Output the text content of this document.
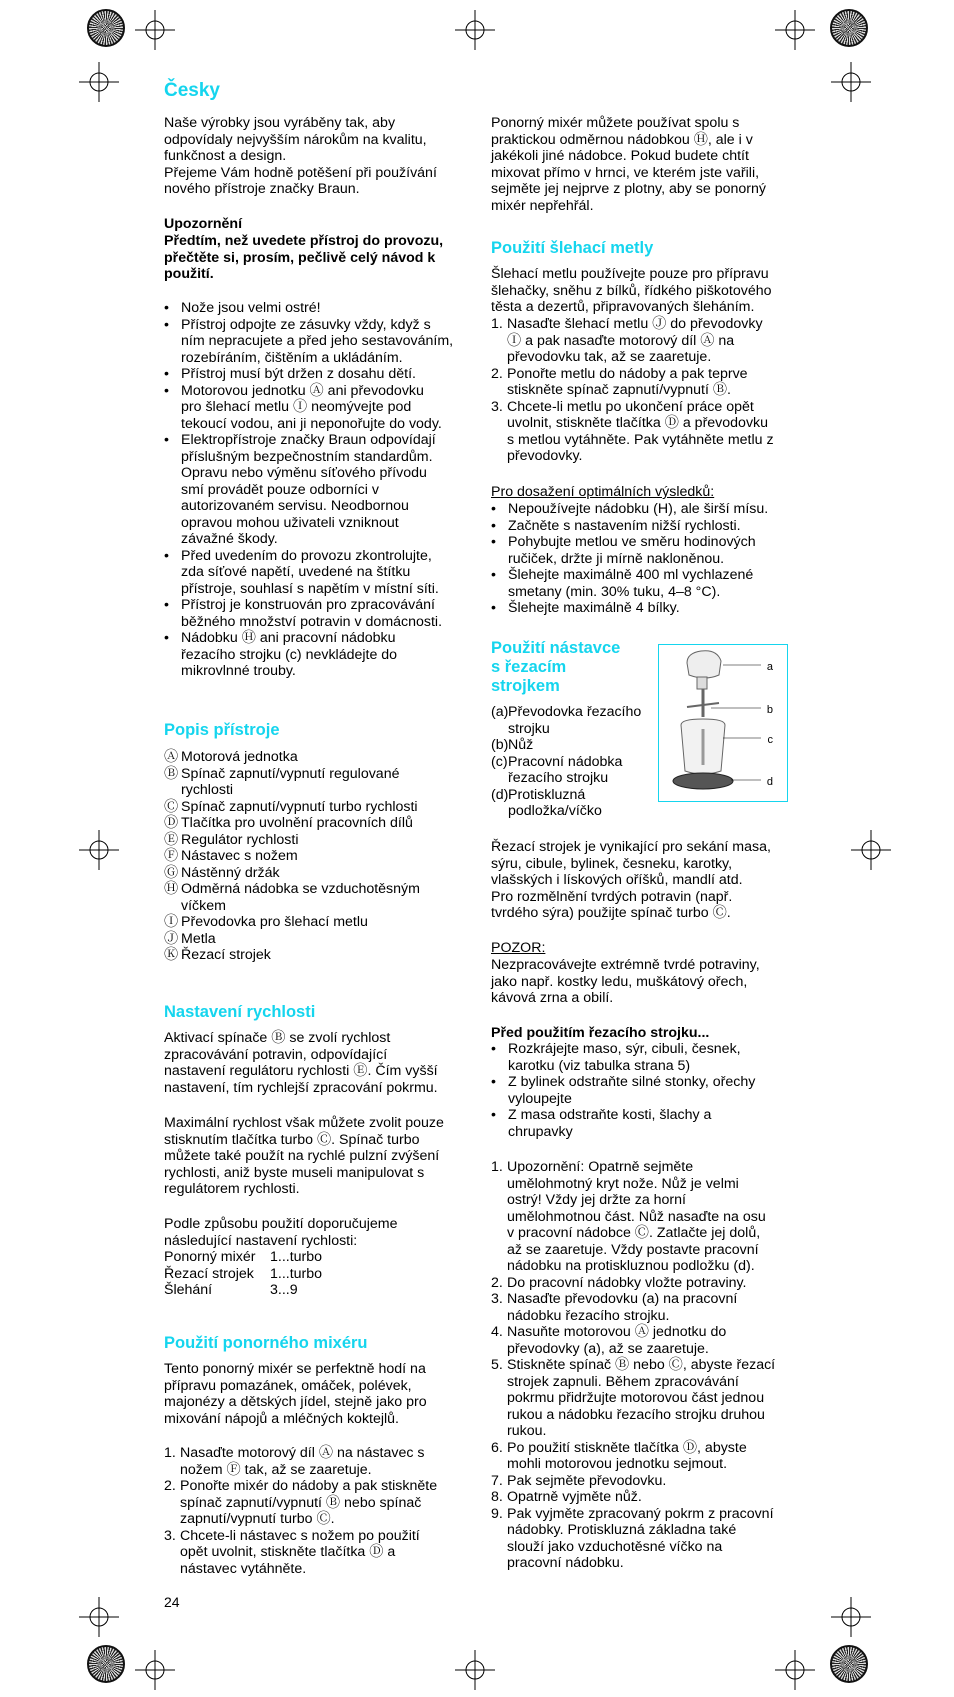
Česky
Naše výrobky jsou vyráběny tak, aby
odpovídaly nejvyšším nárokům na kvalitu,
funkčnost a design.
Přejeme Vám hodně potěšení při používání
nového přístroje značky Braun.
Upozornění
Předtím, než uvedete přístroj do provozu,
přečtěte si, prosím, pečlivě celý návod k
použití.
• Nože jsou velmi ostré!
• Přístroj odpojte ze zásuvky vždy, když s
ním nepracujete a před jeho sestavováním,
rozebíráním, čištěním a ukládáním.
• Přístroj musí být držen z dosahu dětí.
• Motorovou jednotku Ⓐ ani převodovku
pro šlehací metlu Ⓘ neomývejte pod
tekoucí vodou, ani ji neponořujte do vody.
• Elektropřístroje značky Braun odpovídají
příslušným bezpečnostním standardům.
Opravu nebo výměnu síťového přívodu
smí provádět pouze odborníci v
autorizovaném servisu. Neodbornou
opravou mohou uživateli vzniknout
závažné škody.
• Před uvedením do provozu zkontrolujte,
zda síťové napětí, uvedené na štítku
přístroje, souhlasí s napětím v místní síti.
• Přístroj je konstruován pro zpracovávání
běžného množství potravin v domácnosti.
• Nádobku Ⓗ ani pracovní nádobku
řezacího strojku (c) nevkládejte do
mikrovlnné trouby.
Popis přístroje
Ⓐ Motorová jednotka
Ⓑ Spínač zapnutí/vypnutí regulované
rychlosti
Ⓒ Spínač zapnutí/vypnutí turbo rychlosti
Ⓓ Tlačítka pro uvolnění pracovních dílů
Ⓔ Regulátor rychlosti
Ⓕ Nástavec s nožem
Ⓖ Nástěnný držák
Ⓗ Odměrná nádobka se vzduchotěsným
víčkem
Ⓘ Převodovka pro šlehací metlu
Ⓙ Metla
Ⓚ Řezací strojek
Nastavení rychlosti
Aktivací spínače Ⓑ se zvolí rychlost
zpracovávání potravin, odpovídající
nastavení regulátoru rychlosti Ⓔ. Čím vyšší
nastavení, tím rychlejší zpracování pokrmu.
Maximální rychlost však můžete zvolit pouze
stisknutím tlačítka turbo Ⓒ. Spínač turbo
můžete také použít na rychlé pulzní zvýšení
rychlosti, aniž byste museli manipulovat s
regulátorem rychlosti.
Podle způsobu použití doporučujeme
následující nastavení rychlosti:
Ponorný mixér 1...turbo
Řezací strojek 1...turbo
Šlehání	3...9
Použití ponorného mixéru
Tento ponorný mixér se perfektně hodí na
přípravu pomazánek, omáček, polévek,
majonézy a dětských jídel, stejně jako pro
mixování nápojů a mléčných koktejlů.
1. Nasaďte motorový díl Ⓐ na nástavec s
nožem Ⓕ tak, až se zaaretuje.
2. Ponořte mixér do nádoby a pak stiskněte
spínač zapnutí/vypnutí Ⓑ nebo spínač
zapnutí/vypnutí turbo Ⓒ.
3. Chcete-li nástavec s nožem po použití
opět uvolnit, stiskněte tlačítka Ⓓ a
nástavec vytáhněte.
24
Ponorný mixér můžete používat spolu s
praktickou odměrnou nádobkou Ⓗ, ale i v
jakékoli jiné nádobce. Pokud budete chtít
mixovat přímo v hrnci, ve kterém jste vařili,
sejměte jej nejprve z plotny, aby se ponorný
mixér nepřehřál.
Použití šlehací metly
Šlehací metlu používejte pouze pro přípravu
šlehačky, sněhu z bílků, řídkého piškotového
těsta a dezertů, připravovaných šleháním.
1. Nasaďte šlehací metlu Ⓙ do převodovky
Ⓘ a pak nasaďte motorový díl Ⓐ na
převodovku tak, až se zaaretuje.
2. Ponořte metlu do nádoby a pak teprve
stiskněte spínač zapnutí/vypnutí Ⓑ.
3. Chcete-li metlu po ukončení práce opět
uvolnit, stiskněte tlačítka Ⓓ a převodovku
s metlou vytáhněte. Pak vytáhněte metlu z
převodovky.
Pro dosažení optimálních výsledků:
• Nepoužívejte nádobku (H), ale širší mísu.
• Začněte s nastavením nižší rychlosti.
• Pohybujte metlou ve směru hodinových
ručiček, držte ji mírně nakloněnou.
• Šlehejte maximálně 400 ml vychlazené
smetany (min. 30% tuku, 4–8 °C).
• Šlehejte maximálně 4 bílky.
Použití nástavce
s řezacím
strojkem
(a) Převodovka řezacího
strojku
(b) Nůž
(c) Pracovní nádobka
řezacího strojku
(d) Protiskluzná
podložka/víčko
a
b
c
d
Řezací strojek je vynikající pro sekání masa,
sýru, cibule, bylinek, česneku, karotky,
vlašských i lískových oříšků, mandlí atd.
Pro rozmělnění tvrdých potravin (např.
tvrdého sýra) použijte spínač turbo Ⓒ.
POZOR:
Nezpracovávejte extrémně tvrdé potraviny,
jako např. kostky ledu, muškátový ořech,
kávová zrna a obilí.
Před použitím řezacího strojku...
• Rozkrájejte maso, sýr, cibuli, česnek,
karotku (viz tabulka strana 5)
• Z bylinek odstraňte silné stonky, ořechy
vyloupejte
• Z masa odstraňte kosti, šlachy a
chrupavky
1. Upozornění: Opatrně sejměte
umělohmotný kryt nože. Nůž je velmi
ostrý! Vždy jej držte za horní
umělohmotnou část. Nůž nasaďte na osu
v pracovní nádobce Ⓒ. Zatlačte jej dolů,
až se zaaretuje. Vždy postavte pracovní
nádobku na protiskluznou podložku (d).
2. Do pracovní nádobky vložte potraviny.
3. Nasaďte převodovku (a) na pracovní
nádobku řezacího strojku.
4. Nasuňte motorovou Ⓐ jednotku do
převodovky (a), až se zaaretuje.
5. Stiskněte spínač Ⓑ nebo Ⓒ, abyste řezací
strojek zapnuli. Během zpracovávání
pokrmu přidržujte motorovou část jednou
rukou a nádobku řezacího strojku druhou
rukou.
6. Po použití stiskněte tlačítka Ⓓ, abyste
mohli motorovou jednotku sejmout.
7. Pak sejměte převodovku.
8. Opatrně vyjměte nůž.
9. Pak vyjměte zpracovaný pokrm z pracovní
nádobky. Protiskluzná základna také
slouží jako vzduchotěsné víčko na
pracovní nádobku.
